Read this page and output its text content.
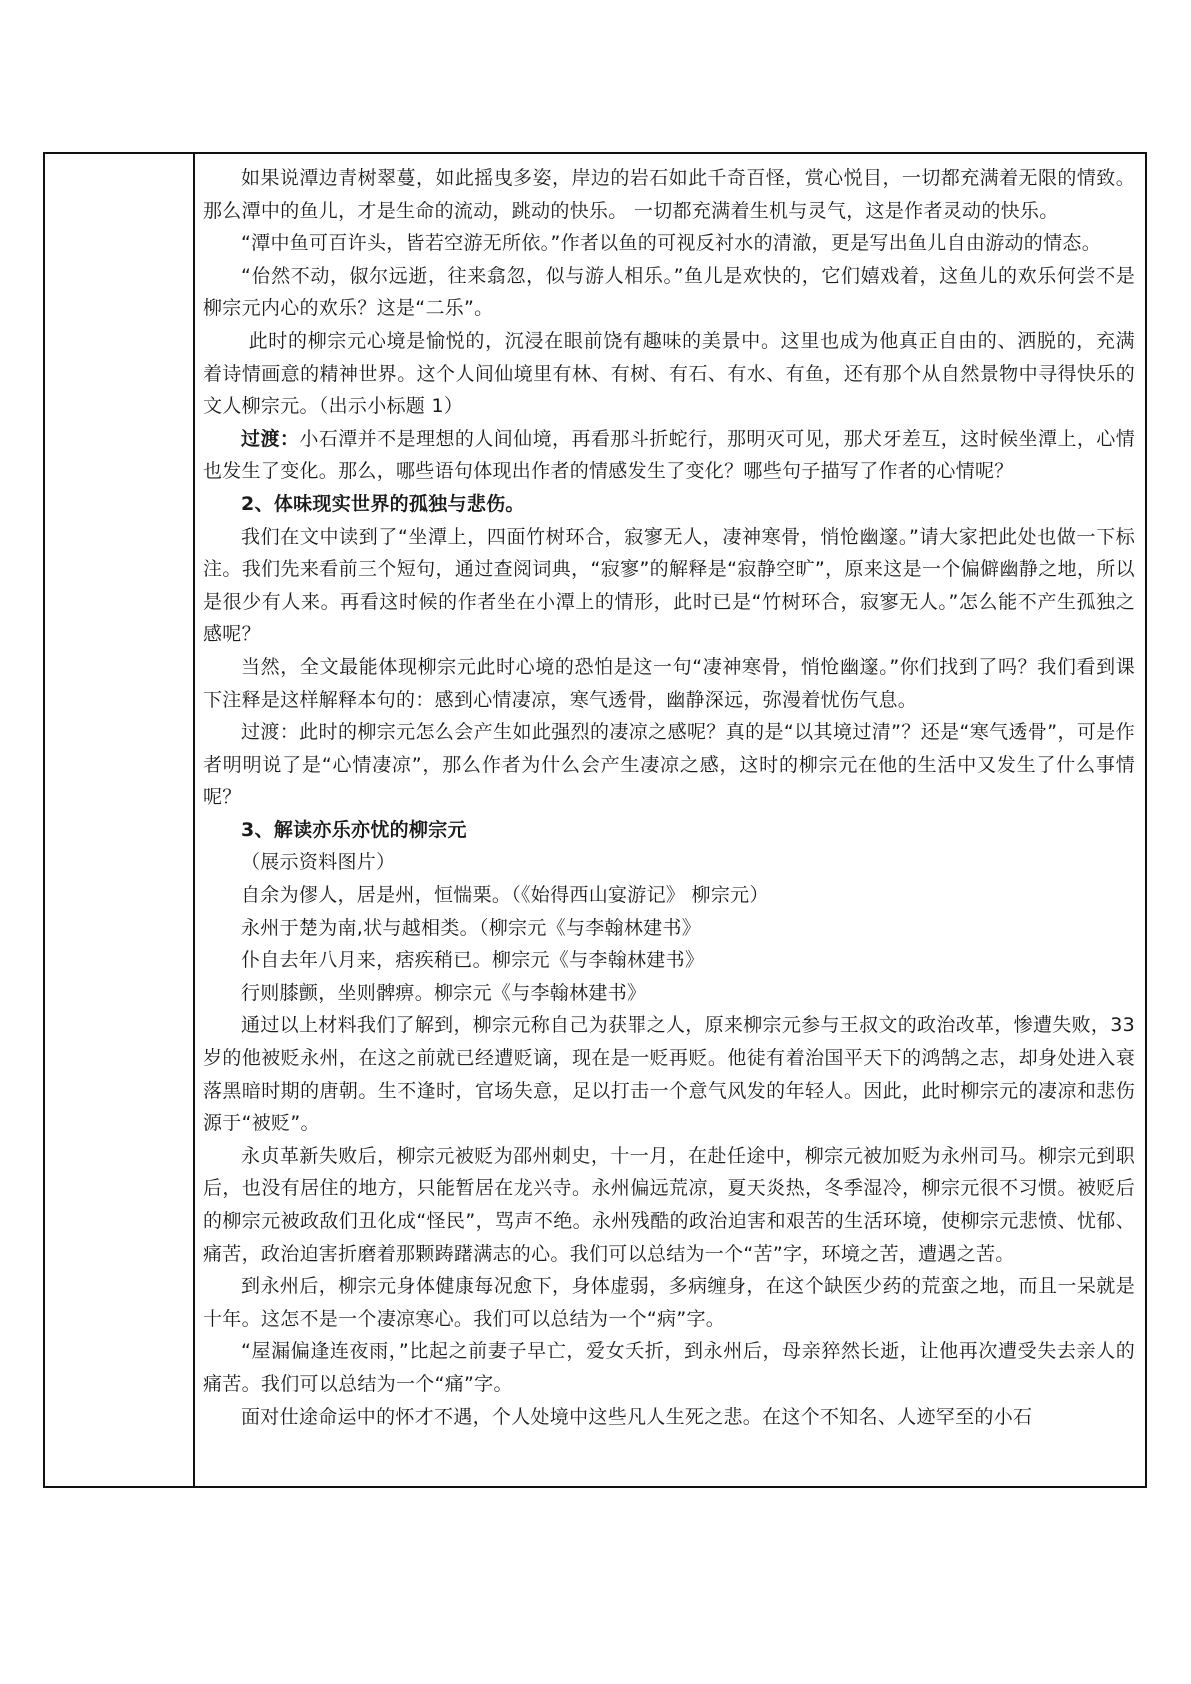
如果说潭边青树翠蔓，如此摇曳多姿，岸边的岩石如此千奇百怪，赏心悦目，一切都充满着无限的情致。那么潭中的鱼儿，才是生命的流动，跳动的快乐。 一切都充满着生机与灵气，这是作者灵动的快乐。

“潭中鱼可百许头，皆若空游无所依。”作者以鱼的可视反衬水的清澈，更是写出鱼儿自由游动的情态。

“佁然不动，俶尔远逝，往来翕忽，似与游人相乐。”鱼儿是欢快的，它们嬉戏着，这鱼儿的欢乐何尝不是柳宗元内心的欢乐？这是“二乐”。

此时的柳宗元心境是愉悦的，沉浸在眼前饶有趣味的美景中。这里也成为他真正自由的、洒脱的，充满着诗情画意的精神世界。这个人间仙境里有林、有树、有石、有水、有鱼，还有那个从自然景物中寻得快乐的文人柳宗元。（出示小标题 1）

过渡：小石潭并不是理想的人间仙境，再看那斗折蛇行，那明灭可见，那犬牙差互，这时候坐潭上，心情也发生了变化。那么，哪些语句体现出作者的情感发生了变化？哪些句子描写了作者的心情呢？

2、体味现实世界的孤独与悲伤。

我们在文中读到了“坐潭上，四面竹树环合，寂寥无人，凄神寒骨，悄怆幽邃。”请大家把此处也做一下标注。我们先来看前三个短句，通过查阅词典，“寂寥”的解释是“寂静空旷”，原来这是一个偏僻幽静之地，所以是很少有人来。再看这时候的作者坐在小潭上的情形，此时已是“竹树环合，寂寥无人。”怎么能不产生孤独之感呢？

当然，全文最能体现柳宗元此时心境的恐怕是这一句“凄神寒骨，悄怆幽邃。”你们找到了吗？我们看到课下注释是这样解释本句的：感到心情凄凉，寒气透骨，幽静深远，弥漫着忧伤气息。

过渡：此时的柳宗元怎么会产生如此强烈的凄凉之感呢？真的是“以其境过清”？还是“寒气透骨”，可是作者明明说了是“心情凄凉”，那么作者为什么会产生凄凉之感，这时的柳宗元在他的生活中又发生了什么事情呢？

3、解读亦乐亦忧的柳宗元

（展示资料图片）

自余为僇人，居是州，恒惴栗。（《始得西山宴游记》 柳宗元）

永州于楚为南,状与越相类。（柳宗元《与李翰林建书》

仆自去年八月来，痞疾稍已。柳宗元《与李翰林建书》

行则膝颤，坐则髀痹。柳宗元《与李翰林建书》

通过以上材料我们了解到，柳宗元称自己为获罪之人，原来柳宗元参与王叔文的政治改革，惨遭失败，33 岁的他被贬永州，在这之前就已经遭贬谪，现在是一贬再贬。他徒有着治国平天下的鸿鹄之志，却身处进入衰落黑暗时期的唐朝。生不逢时，官场失意，足以打击一个意气风发的年轻人。因此，此时柳宗元的凄凉和悲伤源于“被贬”。

永贞革新失败后，柳宗元被贬为邵州刺史，十一月，在赴任途中，柳宗元被加贬为永州司马。柳宗元到职后，也没有居住的地方，只能暂居在龙兴寺。永州偏远荒凉，夏天炎热，冬季湿冷，柳宗元很不习惯。被贬后的柳宗元被政敌们丑化成“怪民”，骂声不绝。永州残酷的政治迫害和艰苦的生活环境，使柳宗元悲愤、忧郁、痛苦，政治迫害折磨着那颗踌躇满志的心。我们可以总结为一个“苦”字，环境之苦，遭遇之苦。

到永州后，柳宗元身体健康每况愈下，身体虚弱，多病缠身，在这个缺医少药的荒蛮之地，而且一呆就是十年。这怎不是一个凄凉寒心。我们可以总结为一个“病”字。

“屋漏偏逢连夜雨，”比起之前妻子早亡，爱女夭折，到永州后，母亲猝然长逝，让他再次遭受失去亲人的痛苦。我们可以总结为一个“痛”字。

面对仕途命运中的怀才不遇，个人处境中这些凡人生死之悲。在这个不知名、人迹罕至的小石
